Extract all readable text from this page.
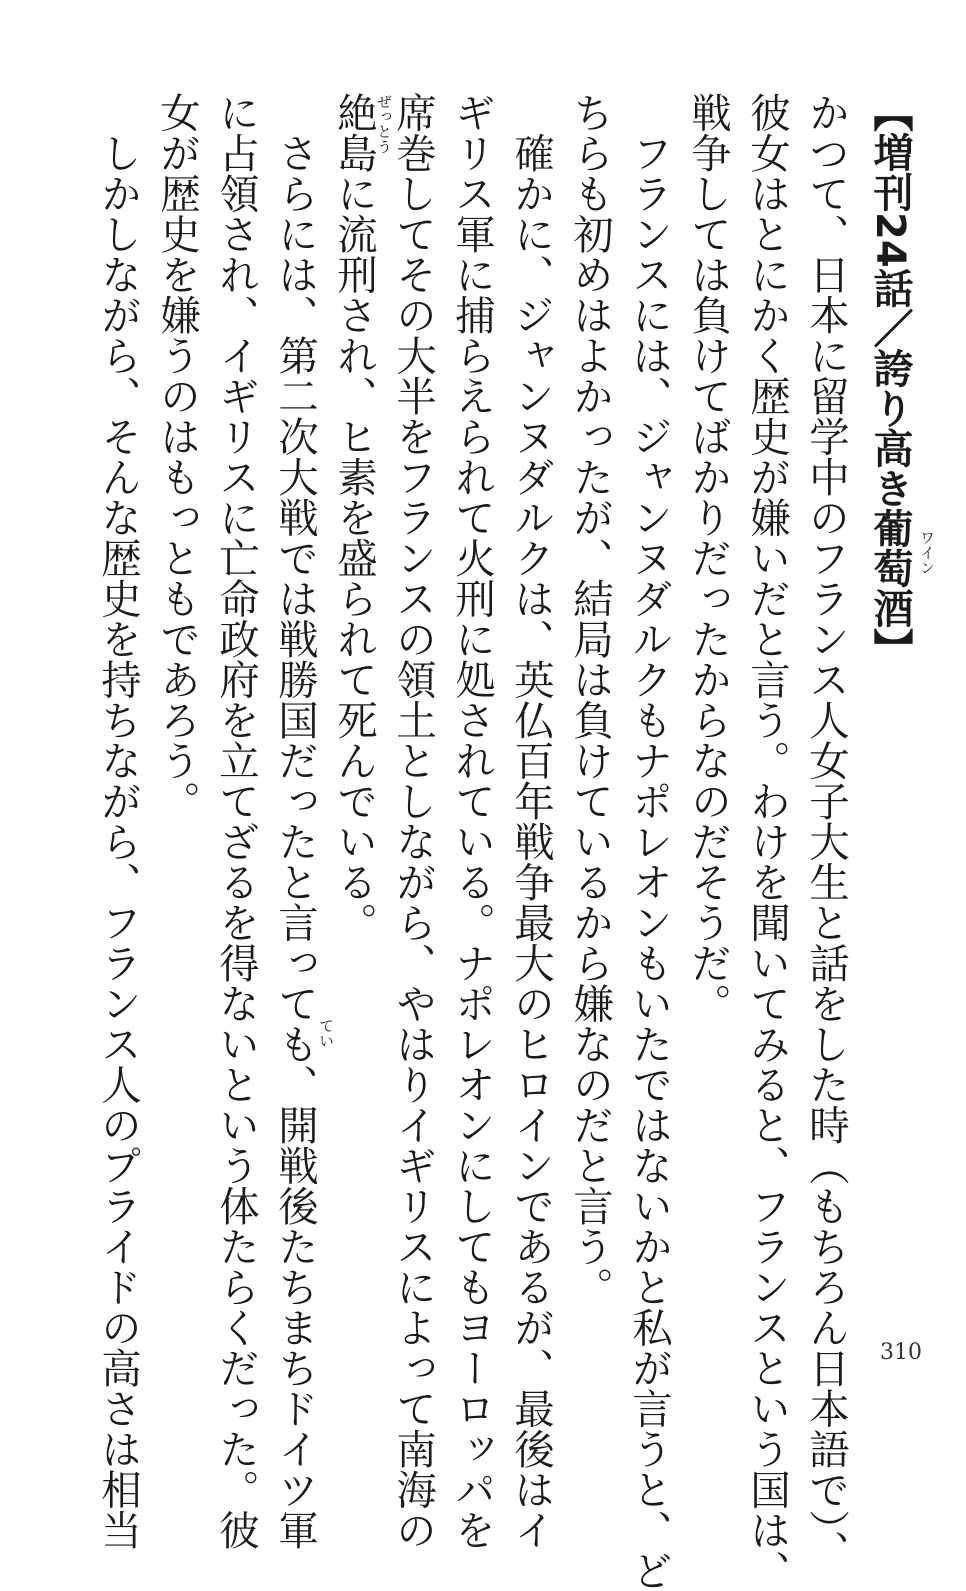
【増刊24話／誇り高き葡萄酒 ワイン
】
かつて、日本に留学中のフランス人女子大生と話をした時（もちろん日本語で）、
彼女はとにかく歴史が嫌いだと言う。わけを聞いてみると、フランスという国は、
戦争しては負けてばかりだったからなのだそうだ。
　フランスには、ジャンヌダルクもナポレオンもいたではないかと私が言うと、ど
ちらも初めはよかったが、結局は負けているから嫌なのだと言う。
　確かに、ジャンヌダルクは、英仏百年戦争最大のヒロインであるが、最後はイ
ギリス軍に捕らえられて火刑に処されている。ナポレオンにしてもヨーロッパを
席巻してその大半をフランスの領土としながら、やはりイギリスによって南海の
絶島に流刑され、ヒ素を盛られて死んでいる。
　さらには、第二次大戦では戦勝国だったと言っても、開戦後たちまちドイツ軍
に占領され、イギリスに亡命政府を立てざるを得ないという体たらくだった。彼
女が歴史を嫌うのはもっともであろう。
　しかしながら、そんな歴史を持ちながら、フランス人のプライドの高さは相当	ぜっとう
てい
310
